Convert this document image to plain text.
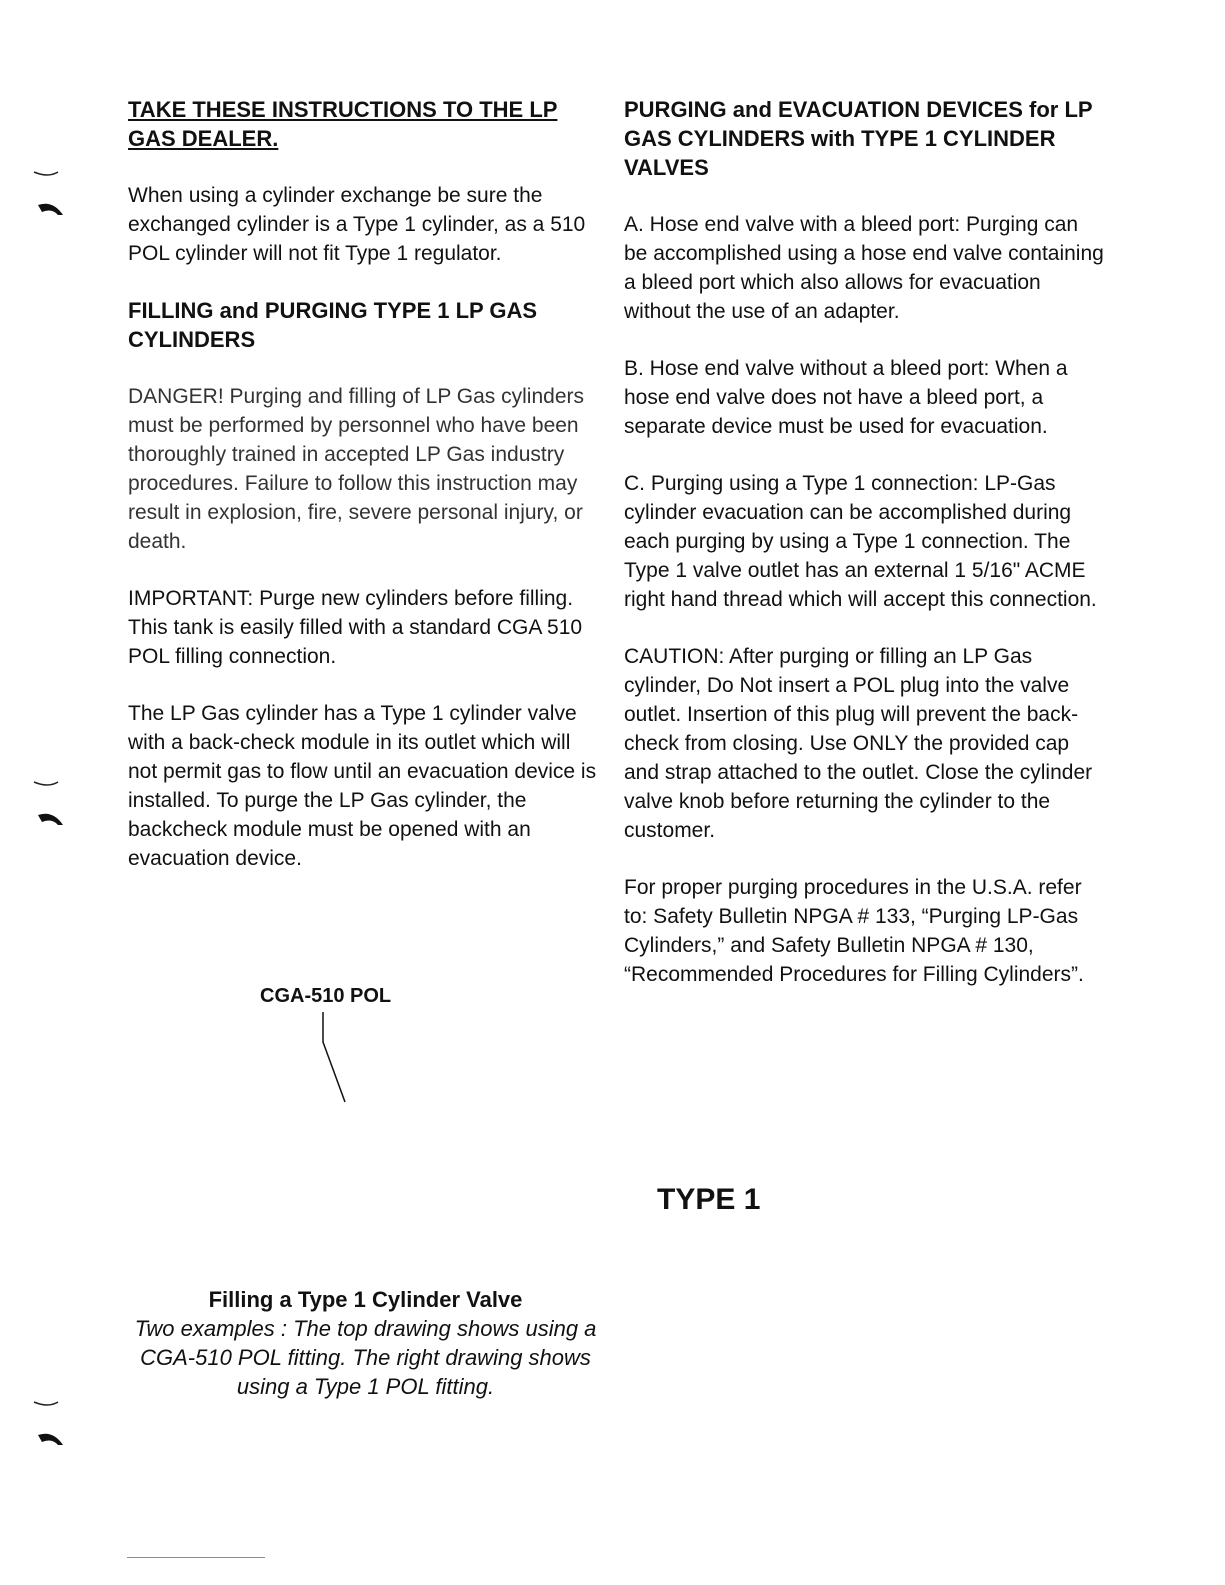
TAKE THESE INSTRUCTIONS TO THE LP GAS DEALER.

When using a cylinder exchange be sure the exchanged cylinder is a Type 1 cylinder, as a 510 POL cylinder will not fit Type 1 regulator.

FILLING and PURGING TYPE 1 LP GAS CYLINDERS

DANGER! Purging and filling of LP Gas cylinders must be performed by personnel who have been thoroughly trained in accepted LP Gas industry procedures. Failure to follow this instruction may result in explosion, fire, severe personal injury, or death.

IMPORTANT: Purge new cylinders before filling. This tank is easily filled with a standard CGA 510 POL filling connection.

The LP Gas cylinder has a Type 1 cylinder valve with a back-check module in its outlet which will not permit gas to flow until an evacuation device is installed. To purge the LP Gas cylinder, the backcheck module must be opened with an evacuation device.

PURGING and EVACUATION DEVICES for LP GAS CYLINDERS with TYPE 1 CYLINDER VALVES

A. Hose end valve with a bleed port: Purging can be accomplished using a hose end valve containing a bleed port which also allows for evacuation without the use of an adapter.

B. Hose end valve without a bleed port: When a hose end valve does not have a bleed port, a separate device must be used for evacuation.

C. Purging using a Type 1 connection: LP-Gas cylinder evacuation can be accomplished during each purging by using a Type 1 connection. The Type 1 valve outlet has an external 1 5/16" ACME right hand thread which will accept this connection.

CAUTION: After purging or filling an LP Gas cylinder, Do Not insert a POL plug into the valve outlet. Insertion of this plug will prevent the back-check from closing. Use ONLY the provided cap and strap attached to the outlet. Close the cylinder valve knob before returning the cylinder to the customer.

For proper purging procedures in the U.S.A. refer to: Safety Bulletin NPGA # 133, “Purging LP-Gas Cylinders,” and Safety Bulletin NPGA # 130, “Recommended Procedures for Filling Cylinders”.

CGA-510 POL
TYPE 1
Filling a Type 1 Cylinder Valve
Two examples : The top drawing shows using a CGA-510 POL fitting. The right drawing shows using a Type 1 POL fitting.
